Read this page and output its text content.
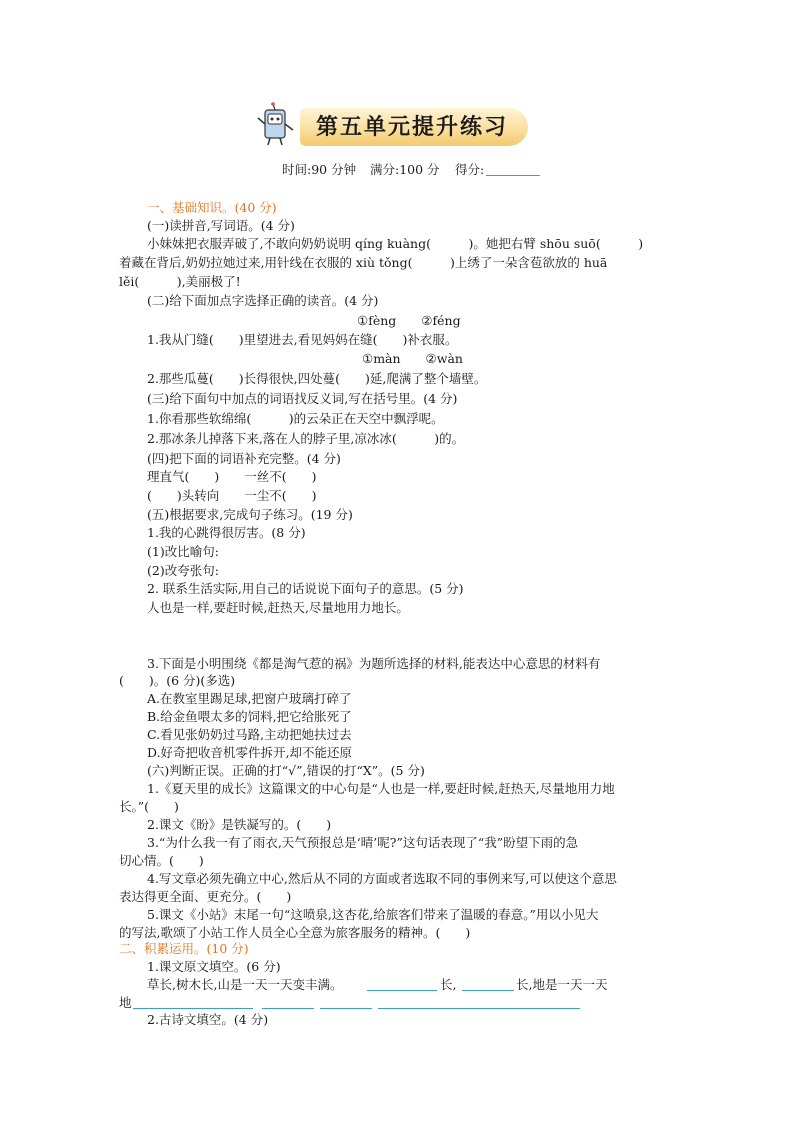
第五单元提升练习
时间:90 分钟 满分:100 分 得分:
一、基础知识。(40 分)
(一)读拼音,写词语。(4 分)
小妹妹把衣服弄破了,不敢向奶奶说明 qíng kuàng(　　　)。她把右臂 shōu suō(　　　)
着藏在背后,奶奶拉她过来,用针线在衣服的 xiù tǒng(　　　)上绣了一朵含苞欲放的 huā
lěi(　　　),美丽极了!
(二)给下面加点字选择正确的读音。(4 分)
①fèng　　②féng
1.我从门缝(　　)里望进去,看见妈妈在缝(　　)补衣服。
①màn　　②wàn
2.那些瓜蔓(　　)长得很快,四处蔓(　　)延,爬满了整个墙壁。
(三)给下面句中加点的词语找反义词,写在括号里。(4 分)
1.你看那些软绵绵(　　　)的云朵正在天空中飘浮呢。
2.那冰条儿掉落下来,落在人的脖子里,凉冰冰(　　　)的。
(四)把下面的词语补充完整。(4 分)
理直气(　　)　　一丝不(　　)
(　　)头转向　　一尘不(　　)
(五)根据要求,完成句子练习。(19 分)
1.我的心跳得很厉害。(8 分)
(1)改比喻句:
(2)改夸张句:
2. 联系生活实际,用自己的话说说下面句子的意思。(5 分)
人也是一样,要赶时候,赶热天,尽量地用力地长。
3.下面是小明围绕《都是淘气惹的祸》为题所选择的材料,能表达中心意思的材料有
(　　)。(6 分)(多选)
A.在教室里踢足球,把窗户玻璃打碎了
B.给金鱼喂太多的饲料,把它给胀死了
C.看见张奶奶过马路,主动把她扶过去
D.好奇把收音机零件拆开,却不能还原
(六)判断正误。正确的打“√”,错误的打“X”。(5 分)
1.《夏天里的成长》这篇课文的中心句是“人也是一样,要赶时候,赶热天,尽量地用力地
长。”(　　)
2.课文《盼》是铁凝写的。(　　)
3.“为什么我一有了雨衣,天气预报总是‘晴’呢?”这句话表现了“我”盼望下雨的急
切心情。(　　)
4.写文章必须先确立中心,然后从不同的方面或者选取不同的事例来写,可以使这个意思
表达得更全面、更充分。(　　)
5.课文《小站》末尾一句“这喷泉,这杏花,给旅客们带来了温暖的春意。”用以小见大
的写法,歌颂了小站工作人员全心全意为旅客服务的精神。(　　)
二、积累运用。(10 分)
1.课文原文填空。(6 分)
草长,树木长,山是一天一天变丰满。	长,	长,地是一天一天
地
2.古诗文填空。(4 分)
